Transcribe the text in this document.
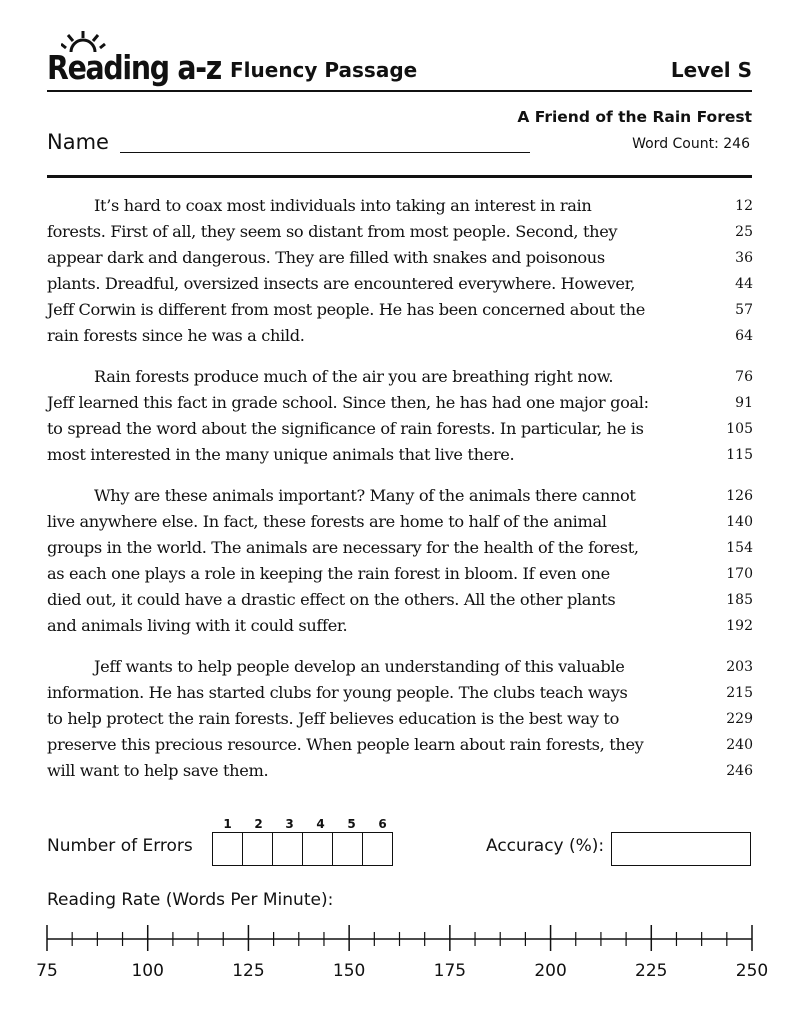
Reading a-z Fluency Passage	Level S
Name
A Friend of the Rain Forest
Word Count: 246
It’s hard to coax most individuals into taking an interest in rain	12
forests. First of all, they seem so distant from most people. Second, they	25
appear dark and dangerous. They are filled with snakes and poisonous	36
plants. Dreadful, oversized insects are encountered everywhere. However,	44
Jeff Corwin is different from most people. He has been concerned about the	57
rain forests since he was a child.	64
Rain forests produce much of the air you are breathing right now.	76
Jeff learned this fact in grade school. Since then, he has had one major goal:	91
to spread the word about the significance of rain forests. In particular, he is	105
most interested in the many unique animals that live there.	115
Why are these animals important? Many of the animals there cannot	126
live anywhere else. In fact, these forests are home to half of the animal	140
groups in the world. The animals are necessary for the health of the forest,	154
as each one plays a role in keeping the rain forest in bloom. If even one	170
died out, it could have a drastic effect on the others. All the other plants	185
and animals living with it could suffer.	192
Jeff wants to help people develop an understanding of this valuable	203
information. He has started clubs for young people. The clubs teach ways	215
to help protect the rain forests. Jeff believes education is the best way to	229
preserve this precious resource. When people learn about rain forests, they	240
will want to help save them.	246
Number of Errors
1	2	3	4	5	6
Accuracy (%):
Reading Rate (Words Per Minute):
75	100	125	150	175	200	225	250
